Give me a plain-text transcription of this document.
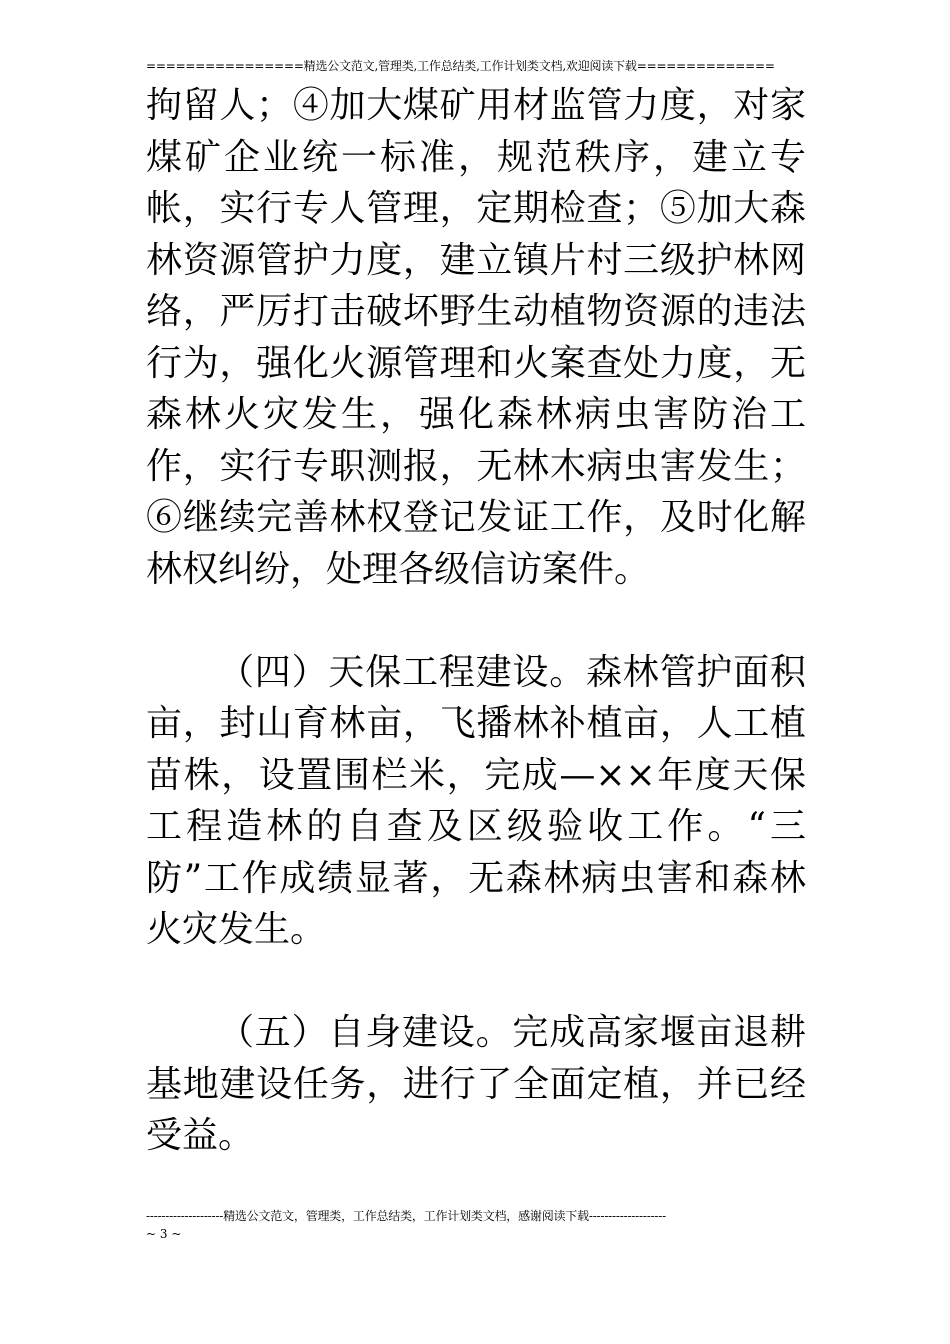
================精选公文范文,管理类,工作总结类,工作计划类文档,欢迎阅读下载==============

拘留人；④加大煤矿用材监管力度，对家煤矿企业统一标准，规范秩序，建立专帐，实行专人管理，定期检查；⑤加大森林资源管护力度，建立镇片村三级护林网络，严厉打击破坏野生动植物资源的违法行为，强化火源管理和火案查处力度，无森林火灾发生，强化森林病虫害防治工作，实行专职测报，无林木病虫害发生；⑥继续完善林权登记发证工作，及时化解林权纠纷，处理各级信访案件。

（四）天保工程建设。森林管护面积亩，封山育林亩，飞播林补植亩，人工植苗株，设置围栏米，完成—××年度天保工程造林的自查及区级验收工作。“三防”工作成绩显著，无森林病虫害和森林火灾发生。

（五）自身建设。完成高家堰亩退耕基地建设任务，进行了全面定植，并已经受益。

--------------------精选公文范文，管理类，工作总结类，工作计划类文档，感谢阅读下载--------------------
~ 3 ~
